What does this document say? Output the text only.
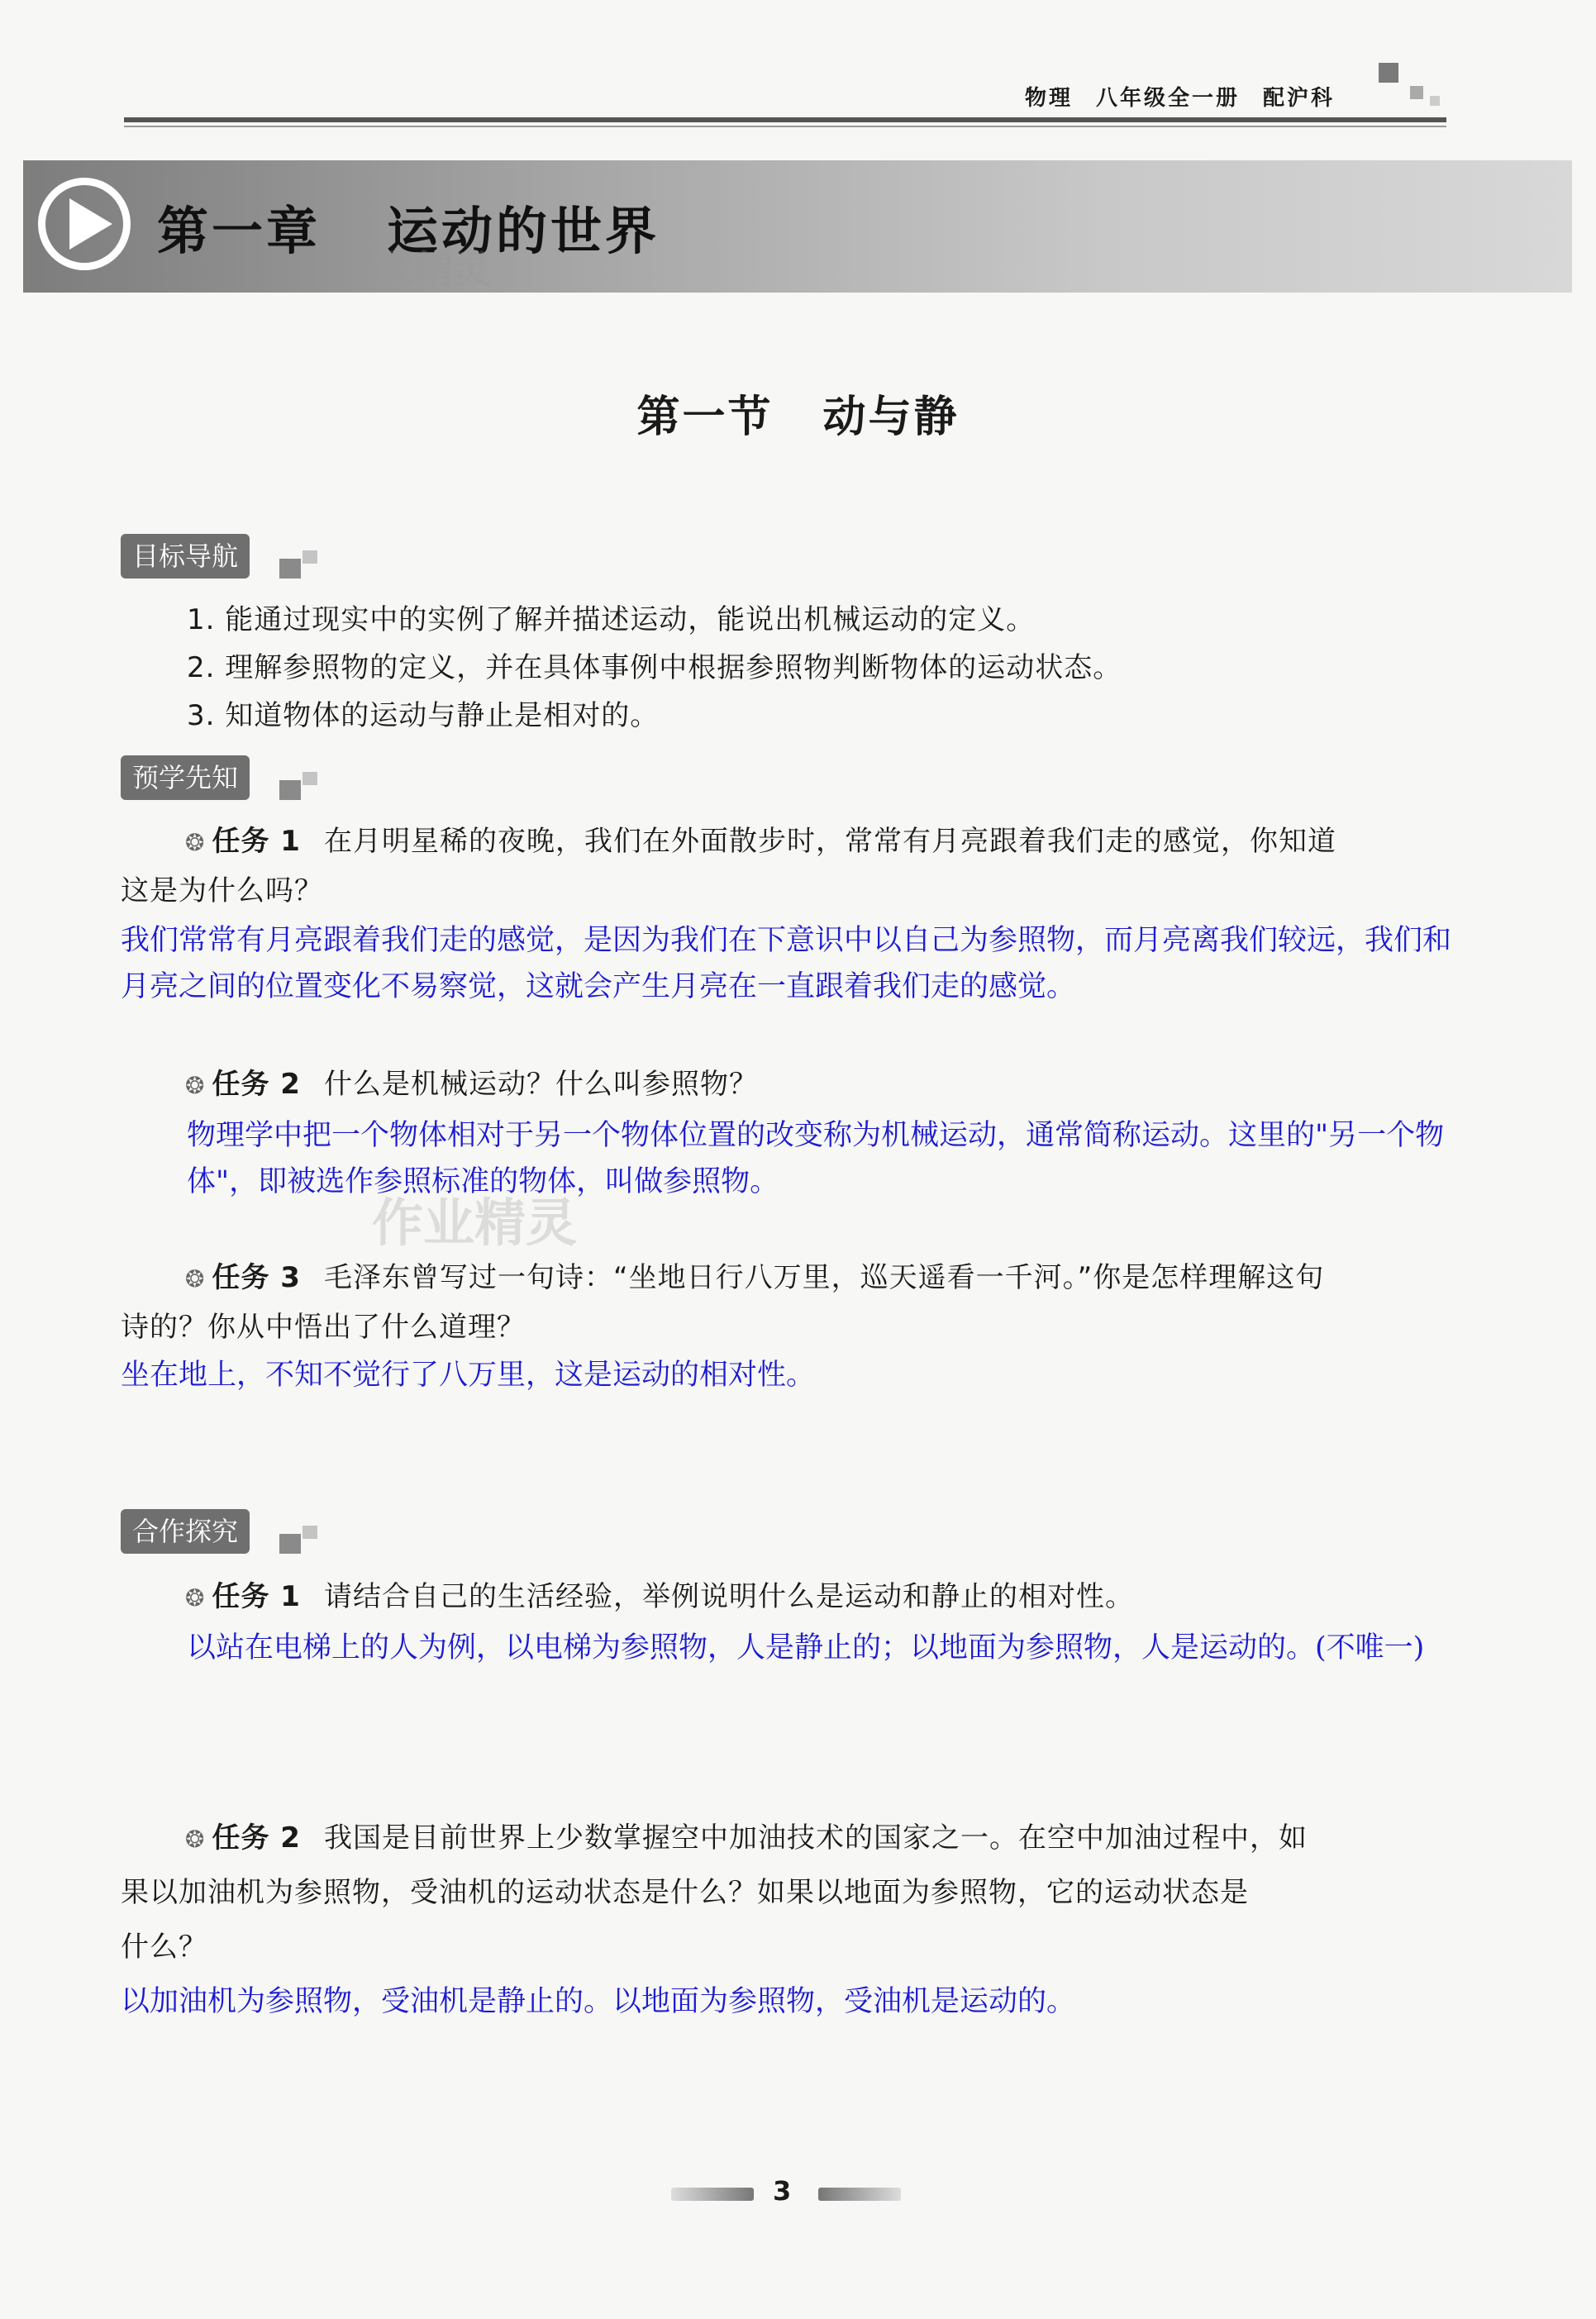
物理 八年级全一册 配沪科
第一章 运动的世界
作业精灵
第一节 动与静
目标导航
1. 能通过现实中的实例了解并描述运动，能说出机械运动的定义。
2. 理解参照物的定义，并在具体事例中根据参照物判断物体的运动状态。
3. 知道物体的运动与静止是相对的。
预学先知
❂ 任务 1 在月明星稀的夜晚，我们在外面散步时，常常有月亮跟着我们走的感觉，你知道
这是为什么吗？
我们常常有月亮跟着我们走的感觉，是因为我们在下意识中以自己为参照物，而月亮离我们较远，我们和月亮之间的位置变化不易察觉，这就会产生月亮在一直跟着我们走的感觉。
❂ 任务 2 什么是机械运动？什么叫参照物？
物理学中把一个物体相对于另一个物体位置的改变称为机械运动，通常简称运动。这里的"另一个物体"，即被选作参照标准的物体，叫做参照物。
作业精灵
❂ 任务 3 毛泽东曾写过一句诗：“坐地日行八万里，巡天遥看一千河。”你是怎样理解这句
诗的？你从中悟出了什么道理？
坐在地上，不知不觉行了八万里，这是运动的相对性。
合作探究
❂ 任务 1 请结合自己的生活经验，举例说明什么是运动和静止的相对性。
以站在电梯上的人为例，以电梯为参照物，人是静止的；以地面为参照物，人是运动的。(不唯一)
❂ 任务 2 我国是目前世界上少数掌握空中加油技术的国家之一。在空中加油过程中，如
果以加油机为参照物，受油机的运动状态是什么？如果以地面为参照物，它的运动状态是
什么？
以加油机为参照物，受油机是静止的。以地面为参照物，受油机是运动的。
3
